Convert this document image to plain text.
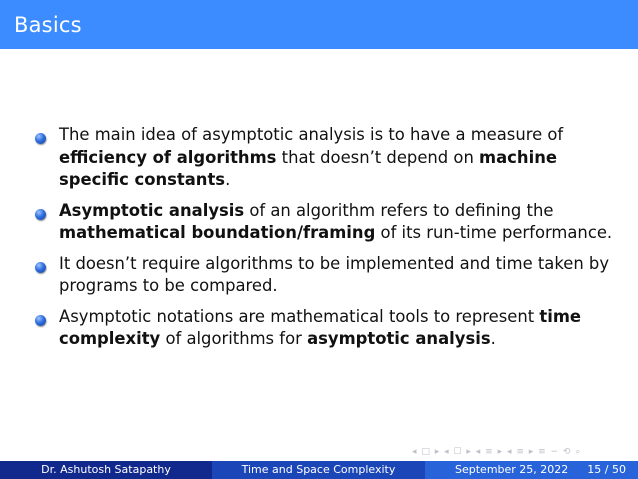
Basics
The main idea of asymptotic analysis is to have a measure of efficiency of algorithms that doesn’t depend on machine specific constants.
Asymptotic analysis of an algorithm refers to defining the mathematical boundation/framing of its run-time performance.
It doesn’t require algorithms to be implemented and time taken by programs to be compared.
Asymptotic notations are mathematical tools to represent time complexity of algorithms for asymptotic analysis.
◂ □ ▸ ◂ ☐ ▸ ◂ ≡ ▸ ◂ ≡ ▸ ≡ ∽ ⟲ ⌕
Dr. Ashutosh Satapathy	Time and Space Complexity	September 25, 2022 15 / 50
